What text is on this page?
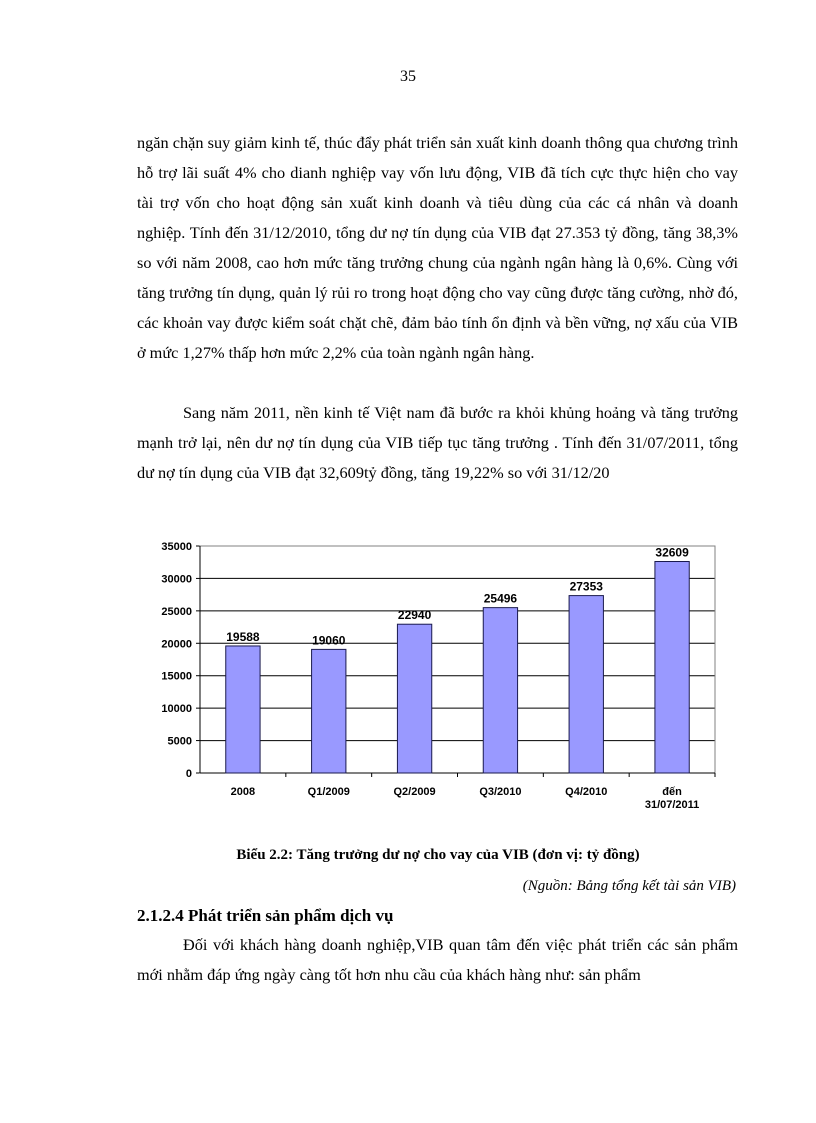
35

ngăn chặn suy giảm kinh tế, thúc đẩy phát triển sản xuất kinh doanh thông qua chương trình hỗ trợ lãi suất 4% cho dianh nghiệp vay vốn lưu động, VIB đã tích cực thực hiện cho vay tài trợ vốn cho hoạt động sản xuất kinh doanh và tiêu dùng của các cá nhân và doanh nghiệp. Tính đến 31/12/2010, tổng dư nợ tín dụng của VIB đạt 27.353 tỷ đồng, tăng 38,3% so với năm 2008, cao hơn mức tăng trưởng chung của ngành ngân hàng là 0,6%. Cùng với tăng trưởng tín dụng, quản lý rủi ro trong hoạt động cho vay cũng được tăng cường, nhờ đó, các khoản vay được kiểm soát chặt chẽ, đảm bảo tính ổn định và bền vững, nợ xấu của VIB ở mức 1,27% thấp hơn mức 2,2% của toàn ngành ngân hàng.

Sang năm 2011, nền kinh tế Việt nam đã bước ra khỏi khủng hoảng và tăng trưởng mạnh trở lại, nên dư nợ tín dụng của VIB tiếp tục tăng trưởng . Tính đến 31/07/2011, tổng dư nợ tín dụng của VIB đạt 32,609tỷ đồng, tăng 19,22% so với 31/12/20

0
5000
10000
15000
20000
25000
30000
35000
19588
2008
19060
Q1/2009
22940
Q2/2009
25496
Q3/2010
27353
Q4/2010
32609
đến 31/07/2011
Biểu 2.2: Tăng trưởng dư nợ cho vay của VIB (đơn vị: tỷ đồng)
(Nguồn: Bảng tổng kết tài sản VIB)
2.1.2.4 Phát triển sản phẩm dịch vụ

Đối với khách hàng doanh nghiệp,VIB quan tâm đến việc phát triển các sản phẩm mới nhằm đáp ứng ngày càng tốt hơn nhu cầu của khách hàng như: sản phẩm
